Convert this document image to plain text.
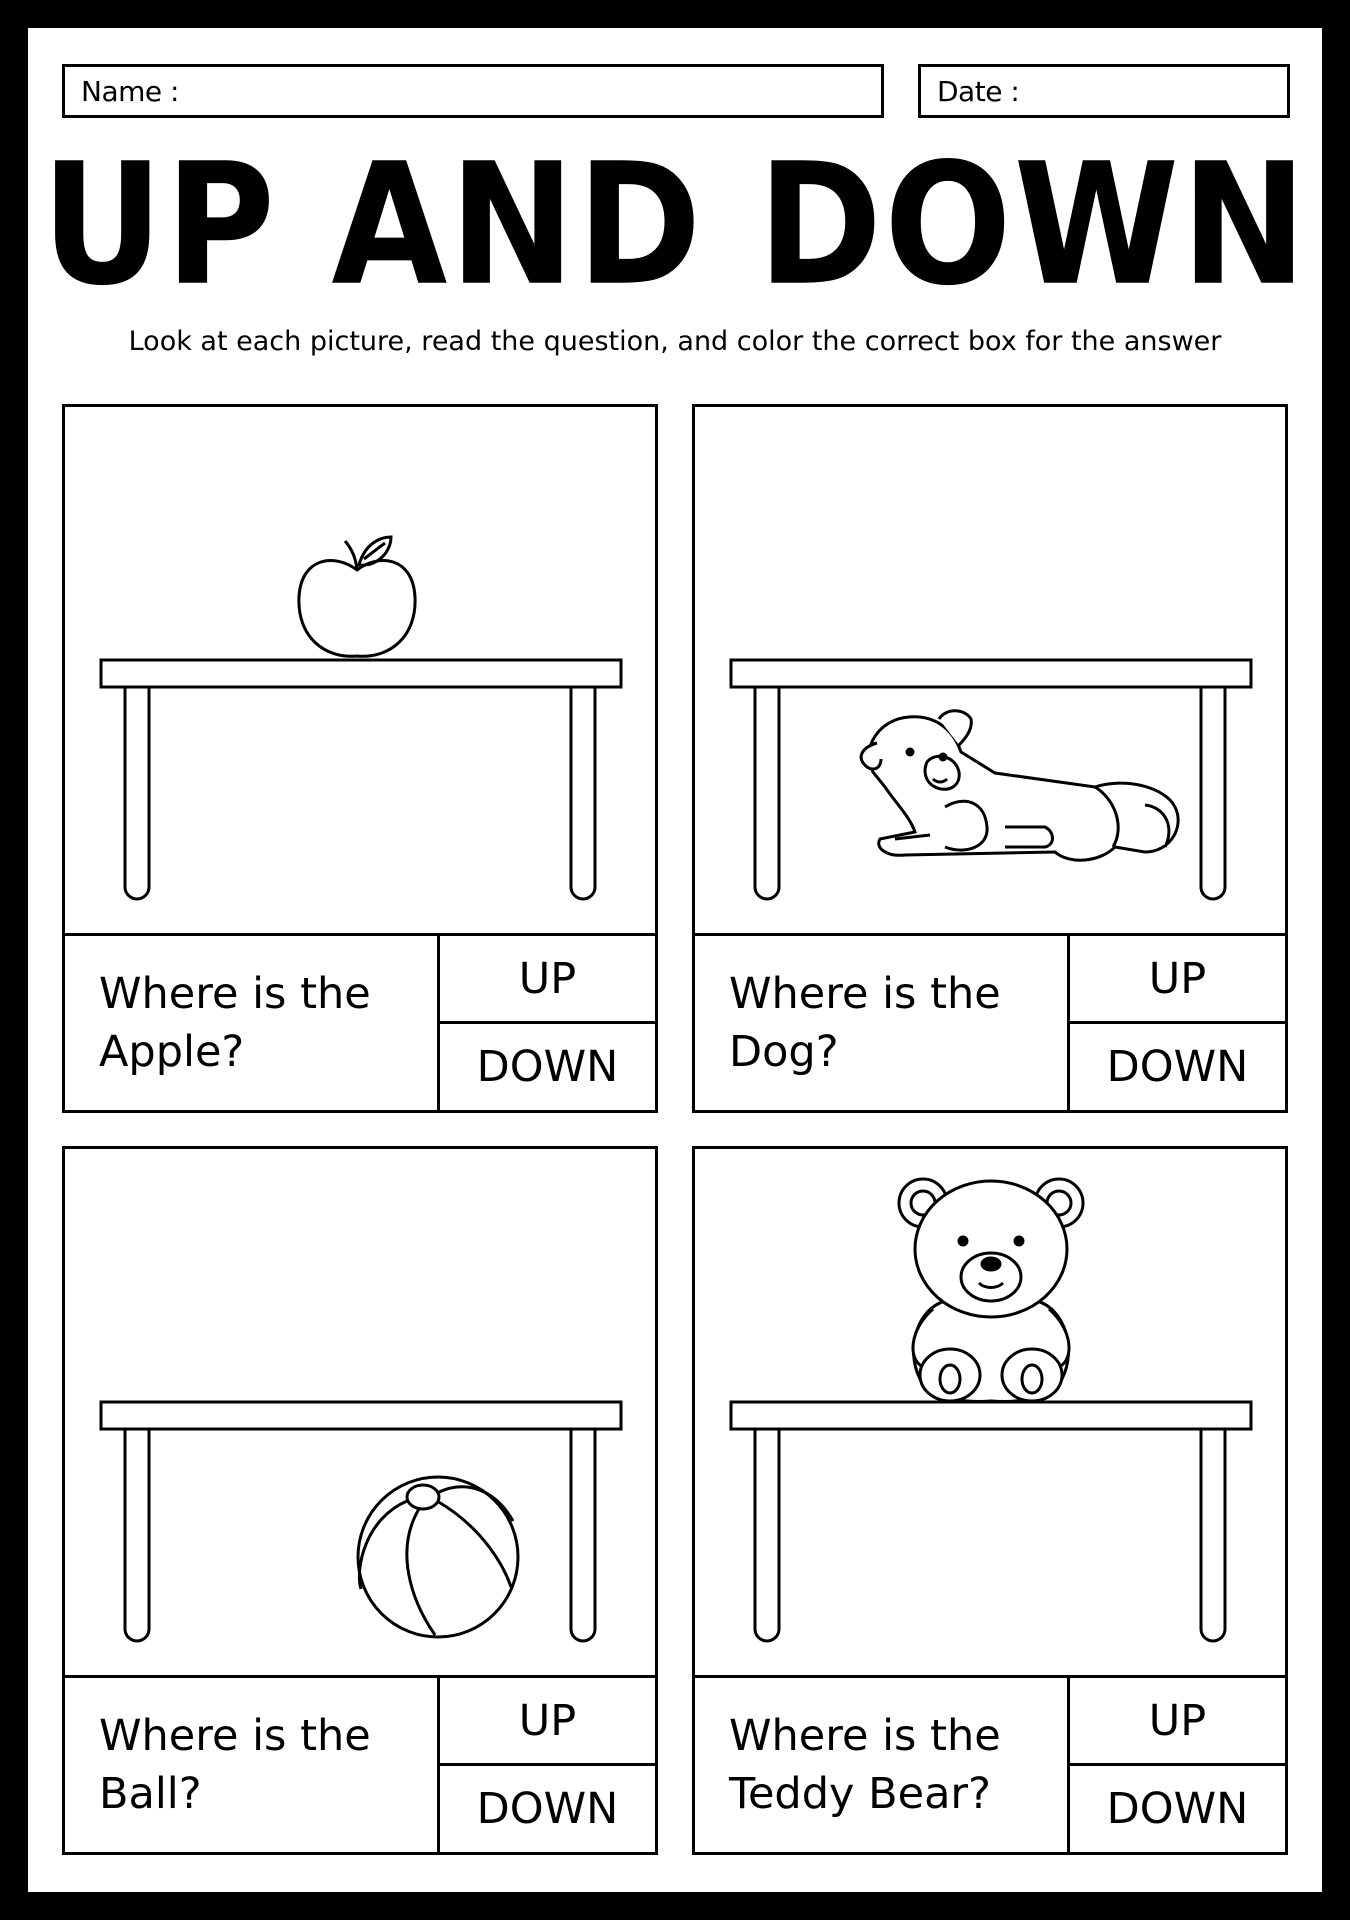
Name :	Date :
UP AND DOWN
Look at each picture, read the question, and color the correct box for the answer
Where is the
Apple?
UP
DOWN
Where is the
Dog?
UP
DOWN
Where is the
Ball?
UP
DOWN
Where is the
Teddy Bear?
UP
DOWN
